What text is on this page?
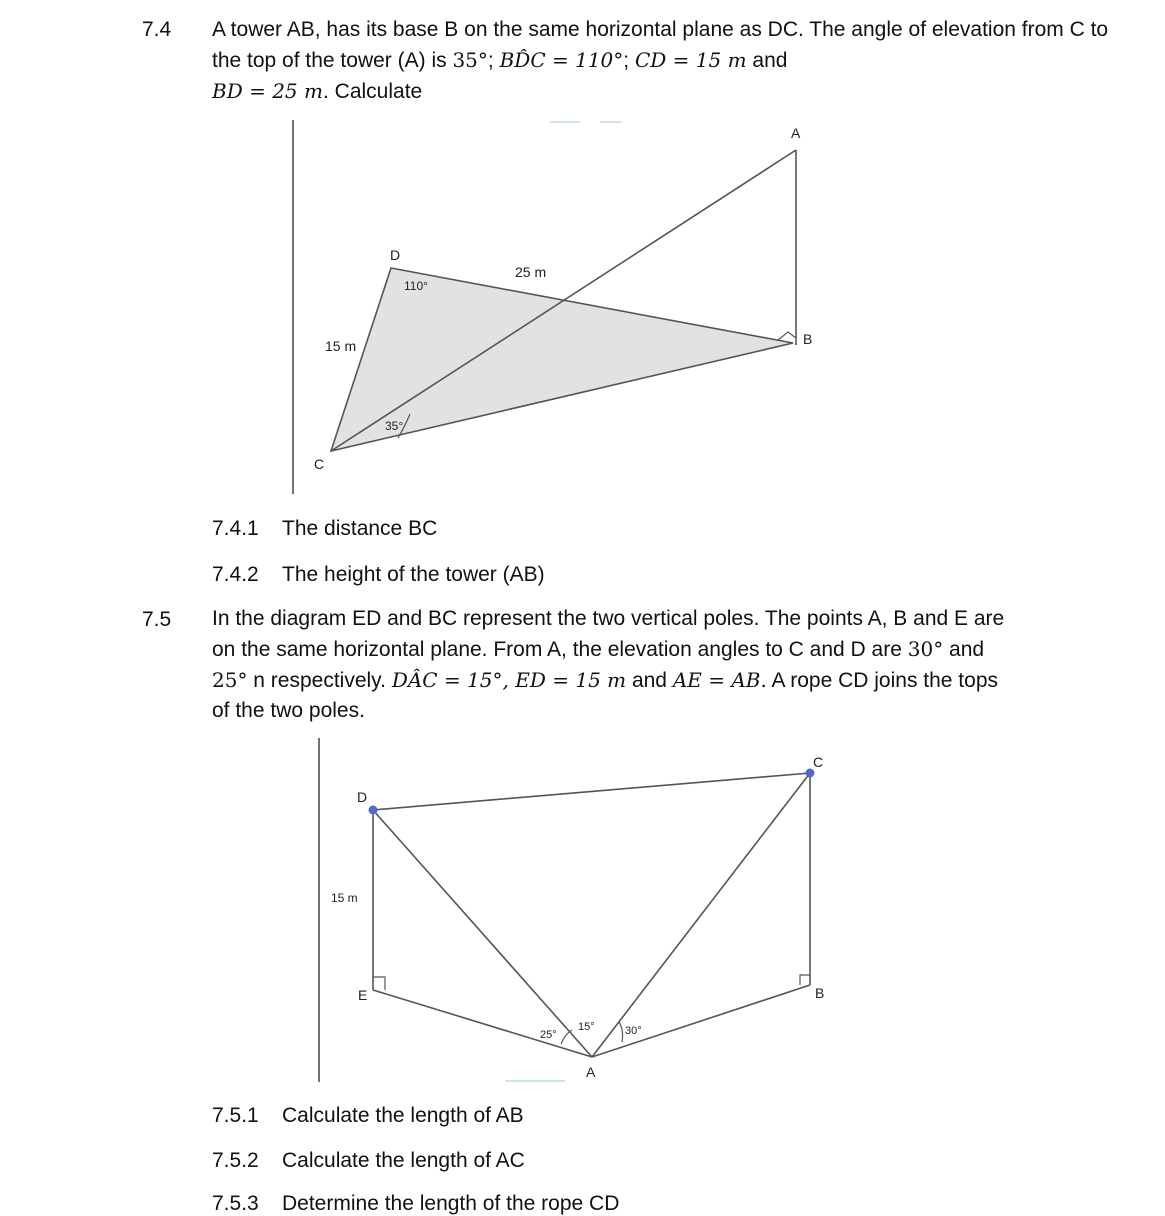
7.4 A tower AB, has its base B on the same horizontal plane as DC. The angle of elevation from C to the top of the tower (A) is 35°; BD̂C = 110°; CD = 15 m and
BD = 25 m. Calculate

A
B
C
D
15 m
25 m
110°
35°
7.4.1 The distance BC
7.4.2 The height of the tower (AB)
7.5 In the diagram ED and BC represent the two vertical poles. The points A, B and E are on the same horizontal plane. From A, the elevation angles to C and D are 30° and 25° n respectively. DÂC = 15°, ED = 15 m and AE = AB. A rope CD joins the tops of the two poles.

D
C
E	B
A
15 m
25°
15°	30°
7.5.1 Calculate the length of AB
7.5.2 Calculate the length of AC
7.5.3 Determine the length of the rope CD
